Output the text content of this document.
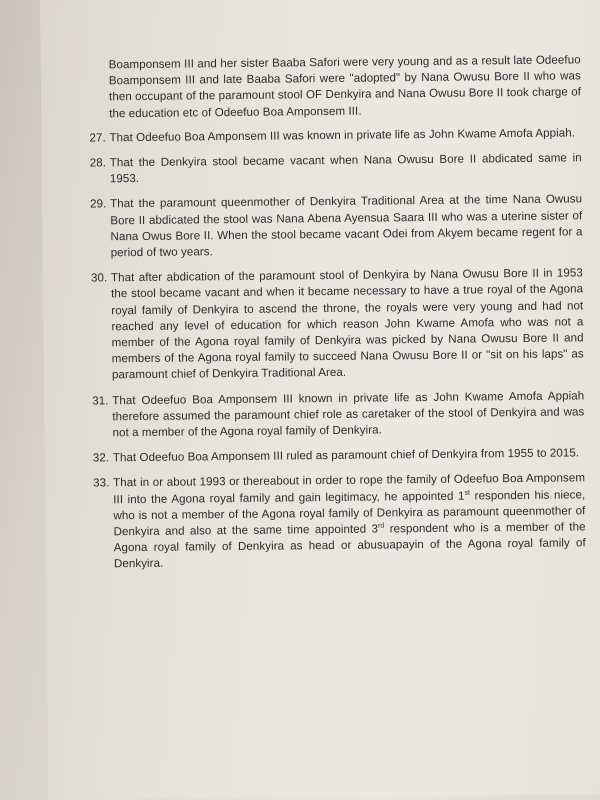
Boamponsem III and her sister Baaba Safori were very young and as a result late Odeefuo Boamponsem III and late Baaba Safori were "adopted" by Nana Owusu Bore II who was then occupant of the paramount stool OF Denkyira and Nana Owusu Bore II took charge of the education etc of Odeefuo Boa Amponsem III.

27. That Odeefuo Boa Amponsem III was known in private life as John Kwame Amofa Appiah.
28. That the Denkyira stool became vacant when Nana Owusu Bore II abdicated same in 1953.
29. That the paramount queenmother of Denkyira Traditional Area at the time Nana Owusu Bore II abdicated the stool was Nana Abena Ayensua Saara III who was a uterine sister of Nana Owus Bore II. When the stool became vacant Odei from Akyem became regent for a period of two years.
30. That after abdication of the paramount stool of Denkyira by Nana Owusu Bore II in 1953 the stool became vacant and when it became necessary to have a true royal of the Agona royal family of Denkyira to ascend the throne, the royals were very young and had not reached any level of education for which reason John Kwame Amofa who was not a member of the Agona royal family of Denkyira was picked by Nana Owusu Bore II and members of the Agona royal family to succeed Nana Owusu Bore II or "sit on his laps" as paramount chief of Denkyira Traditional Area.
31. That Odeefuo Boa Amponsem III known in private life as John Kwame Amofa Appiah therefore assumed the paramount chief role as caretaker of the stool of Denkyira and was not a member of the Agona royal family of Denkyira.
32. That Odeefuo Boa Amponsem III ruled as paramount chief of Denkyira from 1955 to 2015.
33. That in or about 1993 or thereabout in order to rope the family of Odeefuo Boa Amponsem III into the Agona royal family and gain legitimacy, he appointed 1st responden his niece, who is not a member of the Agona royal family of Denkyira as paramount queenmother of Denkyira and also at the same time appointed 3rd respondent who is a member of the Agona royal family of Denkyira as head or abusuapayin of the Agona royal family of Denkyira.
